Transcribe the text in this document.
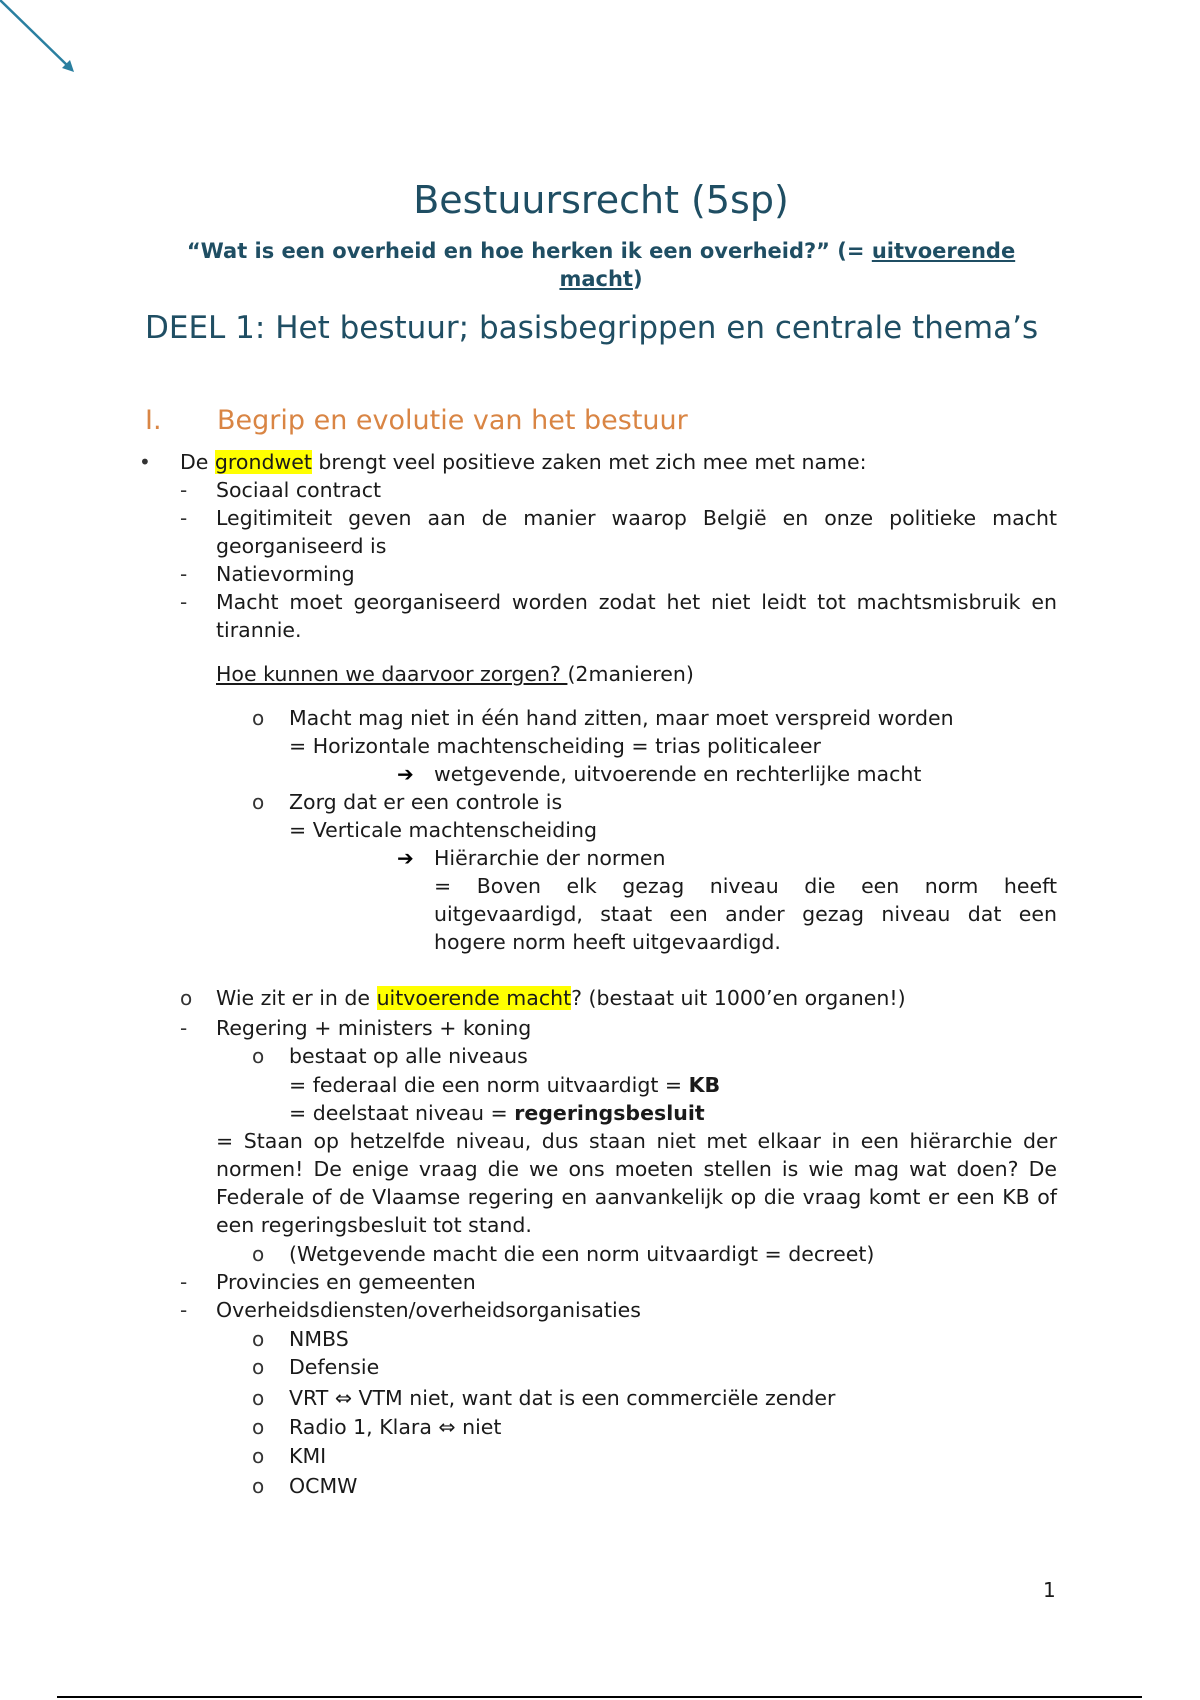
Bestuursrecht (5sp)
“Wat is een overheid en hoe herken ik een overheid?” (= uitvoerende macht)
DEEL 1: Het bestuur; basisbegrippen en centrale thema’s
I. Begrip en evolutie van het bestuur
• De grondwet brengt veel positieve zaken met zich mee met name:
- Sociaal contract
- Legitimiteit geven aan de manier waarop België en onze politieke macht georganiseerd is
- Natievorming
- Macht moet georganiseerd worden zodat het niet leidt tot machtsmisbruik en tirannie.
Hoe kunnen we daarvoor zorgen? (2manieren)
o Macht mag niet in één hand zitten, maar moet verspreid worden
= Horizontale machtenscheiding = trias politicaleer
➔ wetgevende, uitvoerende en rechterlijke macht
o Zorg dat er een controle is
= Verticale machtenscheiding
➔ Hiërarchie der normen
= Boven elk gezag niveau die een norm heeft uitgevaardigd, staat een ander gezag niveau dat een hogere norm heeft uitgevaardigd.
o Wie zit er in de uitvoerende macht? (bestaat uit 1000’en organen!)
- Regering + ministers + koning
o bestaat op alle niveaus
= federaal die een norm uitvaardigt = KB
= deelstaat niveau = regeringsbesluit
= Staan op hetzelfde niveau, dus staan niet met elkaar in een hiërarchie der normen! De enige vraag die we ons moeten stellen is wie mag wat doen? De Federale of de Vlaamse regering en aanvankelijk op die vraag komt er een KB of een regeringsbesluit tot stand.
o (Wetgevende macht die een norm uitvaardigt = decreet)
- Provincies en gemeenten
- Overheidsdiensten/overheidsorganisaties
o NMBS
o Defensie
o VRT ⇔ VTM niet, want dat is een commerciële zender
o Radio 1, Klara ⇔ niet
o KMI
o OCMW
1
